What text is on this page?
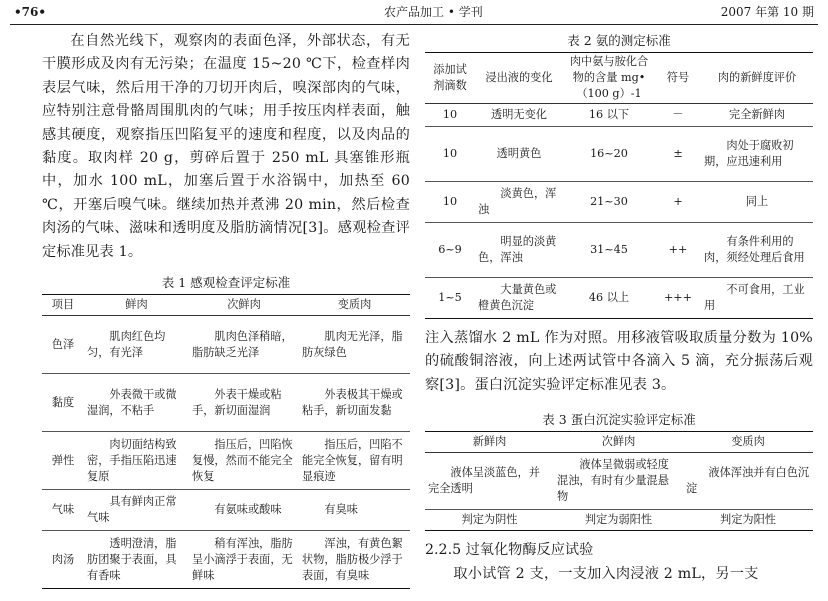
•76•	农产品加工 • 学刊	2007 年第 10 期

在自然光线下，观察肉的表面色泽，外部状态，有无干膜形成及肉有无污染；在温度 15~20 ℃下，检查样肉表层气味，然后用干净的刀切开肉后，嗅深部肉的气味，应特别注意骨骼周围肌肉的气味；用手按压肉样表面，触感其硬度，观察指压凹陷复平的速度和程度，以及肉品的黏度。取肉样 20 g，剪碎后置于 250 mL 具塞锥形瓶中，加水 100 mL，加塞后置于水浴锅中，加热至 60 ℃，开塞后嗅气味。继续加热并煮沸 20 min，然后检查肉汤的气味、滋味和透明度及脂肪滴情况[3]。感观检查评定标准见表 1。

表 1 感观检查评定标准

项目	鲜肉	次鲜肉	变质肉
色泽	肌肉红色均匀，有光泽	肌肉色泽稍暗，脂肪缺乏光泽	肌肉无光泽，脂肪灰绿色
黏度	外表微干或微湿润，不粘手	外表干燥或粘手，新切面湿润	外表极其干燥或粘手，新切面发黏
弹性	肉切面结构致密，手指压陷迅速复原	指压后，凹陷恢复慢，然而不能完全恢复	指压后，凹陷不能完全恢复，留有明显痕迹
气味	具有鲜肉正常气味	有氨味或酸味	有臭味
肉汤	透明澄清，脂肪团聚于表面，具有香味	稍有浑浊，脂肪呈小滴浮于表面，无鲜味	浑浊，有黄色絮状物，脂肪极少浮于表面，有臭味

表 2 氨的测定标准

添加试剂滴数	浸出液的变化	肉中氨与胺化合物的含量 mg•（100 g）-1	符号	肉的新鲜度评价
10	透明无变化	16 以下	－	完全新鲜肉
10	透明黄色	16~20	±	肉处于腐败初期，应迅速利用
10	淡黄色，浑浊	21~30	+	同上
6~9	明显的淡黄色，浑浊	31~45	++	有条件利用的肉，须经处理后食用
1~5	大量黄色或橙黄色沉淀	46 以上	+++	不可食用，工业用

注入蒸馏水 2 mL 作为对照。用移液管吸取质量分数为 10% 的硫酸铜溶液，向上述两试管中各滴入 5 滴，充分振荡后观察[3]。蛋白沉淀实验评定标准见表 3。

表 3 蛋白沉淀实验评定标准

新鲜肉	次鲜肉	变质肉
液体呈淡蓝色，并完全透明	液体呈微弱或轻度混浊，有时有少量混悬物	液体浑浊并有白色沉淀
判定为阴性	判定为弱阳性	判定为阳性

2.2.5 过氧化物酶反应试验

取小试管 2 支，一支加入肉浸液 2 mL，另一支
